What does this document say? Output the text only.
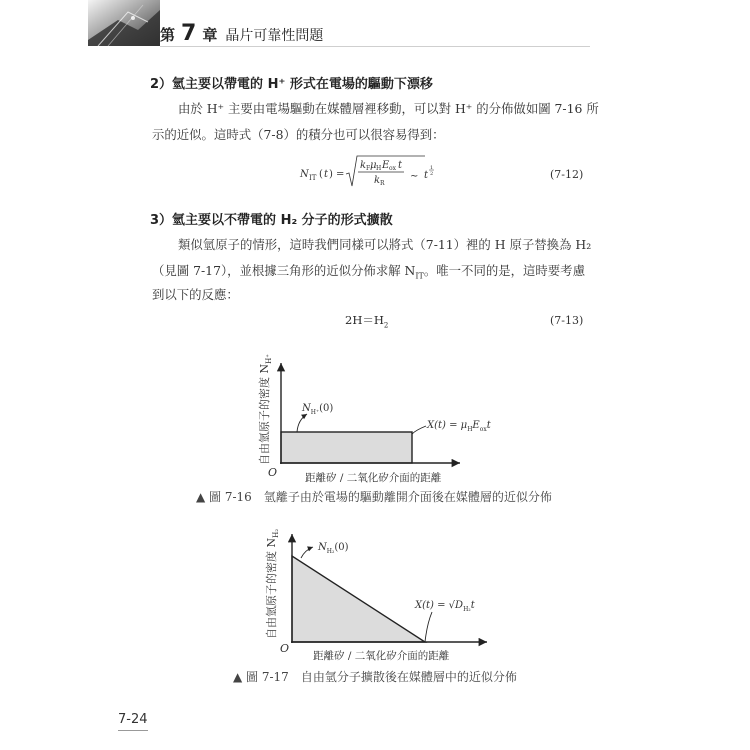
第 7 章 晶片可靠性問題
2）氫主要以帶電的 H⁺ 形式在電場的驅動下漂移
由於 H⁺ 主要由電場驅動在媒體層裡移動，可以對 H⁺ 的分佈做如圖 7-16 所
示的近似。這時式（7-8）的積分也可以很容易得到：
N IT ( t ) =
k F μ H E ox t
k R
∼ t
1
2	(7-12)
3）氫主要以不帶電的 H₂ 分子的形式擴散
類似氫原子的情形，這時我們同樣可以將式（7-11）裡的 H 原子替換為 H₂
（見圖 7-17），並根據三角形的近似分佈求解 $N_{IT}$。唯一不同的是，這時要考慮
到以下的反應：
$2H=H_2$	(7-13)
自由氫原子的密度 $N_{H^+}$
O
$N_{H^+}(0)$
$X(t) = \mu_HE_{ox}t$
距離矽 / 二氧化矽介面的距離
▲ 圖 7-16　氫離子由於電場的驅動離開介面後在媒體層的近似分佈
自由氫原子的密度 $N_{H_2}$
O
$N_{H_2}(0)$
$X(t) = √D_{H_2}t$
距離矽 / 二氧化矽介面的距離
▲ 圖 7-17　自由氫分子擴散後在媒體層中的近似分佈
7-24
